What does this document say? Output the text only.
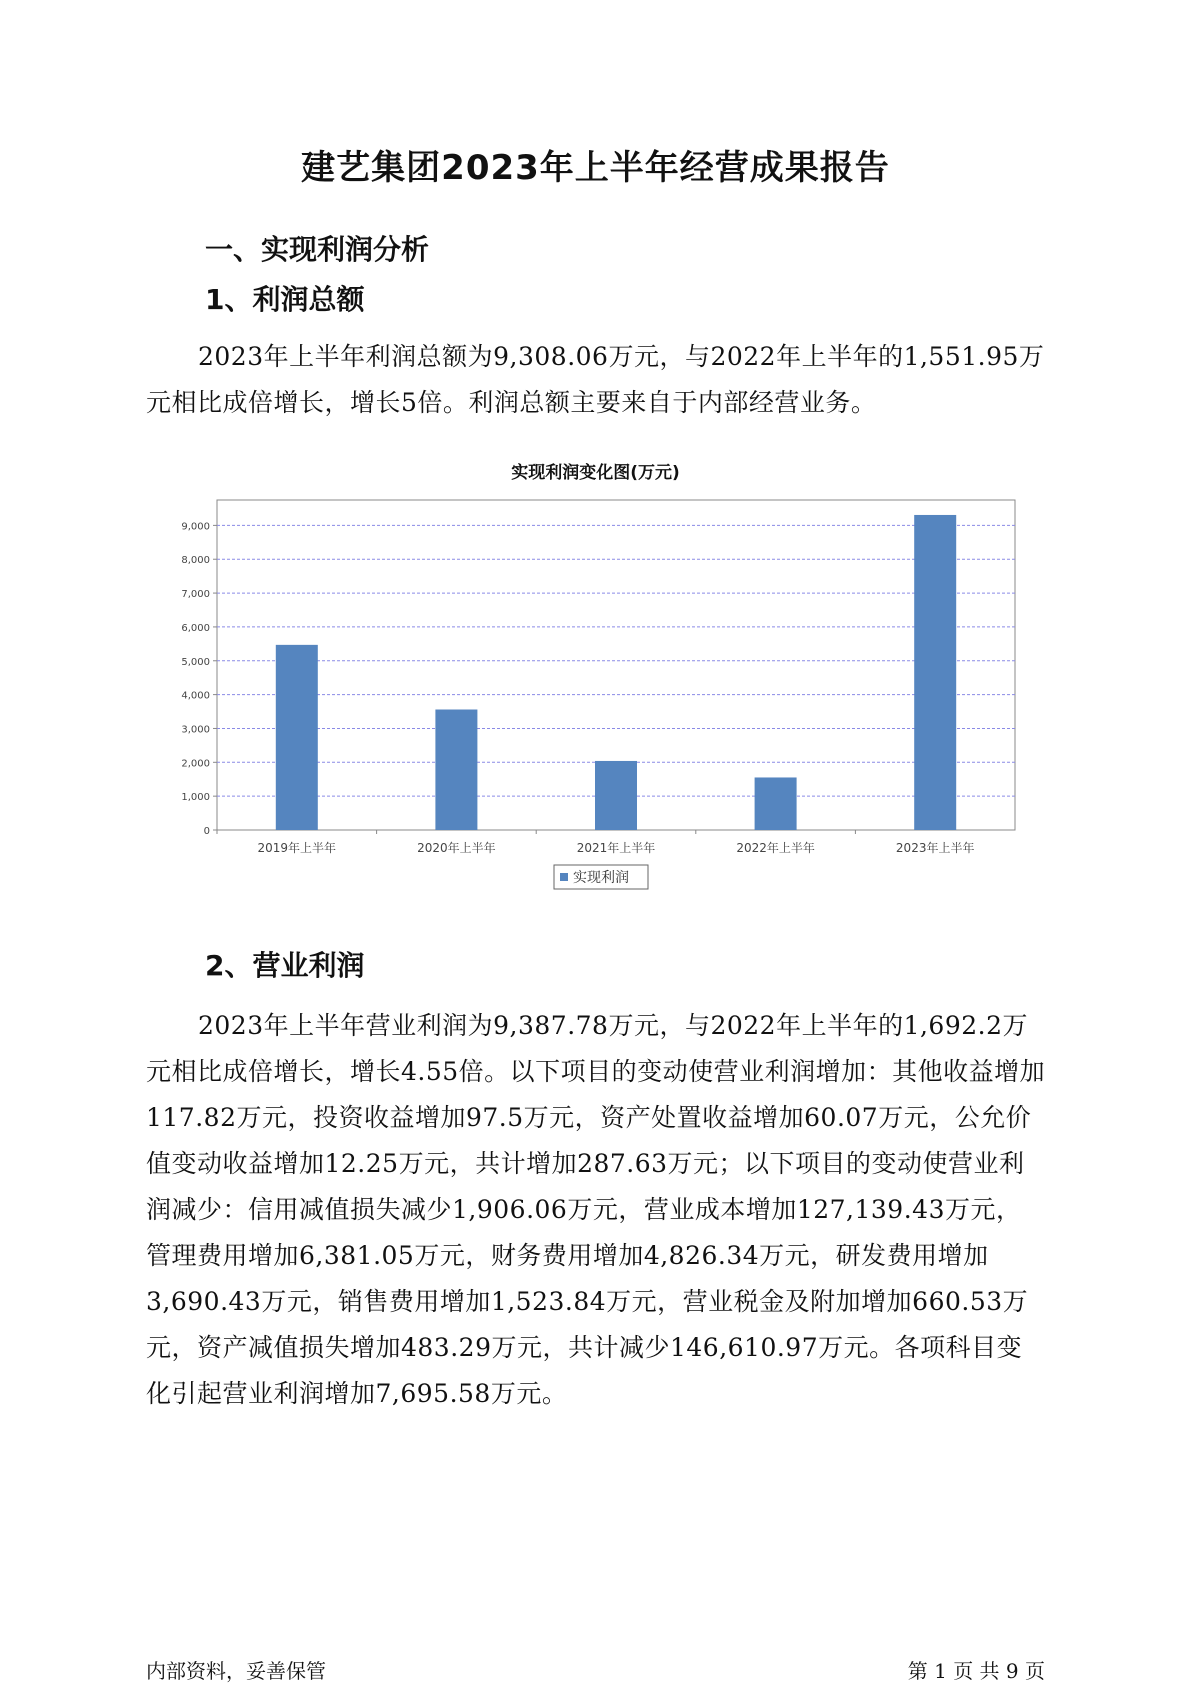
建艺集团2023年上半年经营成果报告
一、实现利润分析
1、利润总额
2023年上半年利润总额为9,308.06万元，与2022年上半年的1,551.95万元相比成倍增长，增长5倍。利润总额主要来自于内部经营业务。
实现利润变化图(万元)
0
1,000
2,000
3,000
4,000
5,000
6,000
7,000
8,000
9,000
2019年上半年	2020年上半年	2021年上半年	2022年上半年	2023年上半年
实现利润
2、营业利润
2023年上半年营业利润为9,387.78万元，与2022年上半年的1,692.2万元相比成倍增长，增长4.55倍。以下项目的变动使营业利润增加：其他收益增加117.82万元，投资收益增加97.5万元，资产处置收益增加60.07万元，公允价值变动收益增加12.25万元，共计增加287.63万元；以下项目的变动使营业利润减少：信用减值损失减少1,906.06万元，营业成本增加127,139.43万元，管理费用增加6,381.05万元，财务费用增加4,826.34万元，研发费用增加3,690.43万元，销售费用增加1,523.84万元，营业税金及附加增加660.53万元，资产减值损失增加483.29万元，共计减少146,610.97万元。各项科目变化引起营业利润增加7,695.58万元。
内部资料，妥善保管	第 1 页 共 9 页
